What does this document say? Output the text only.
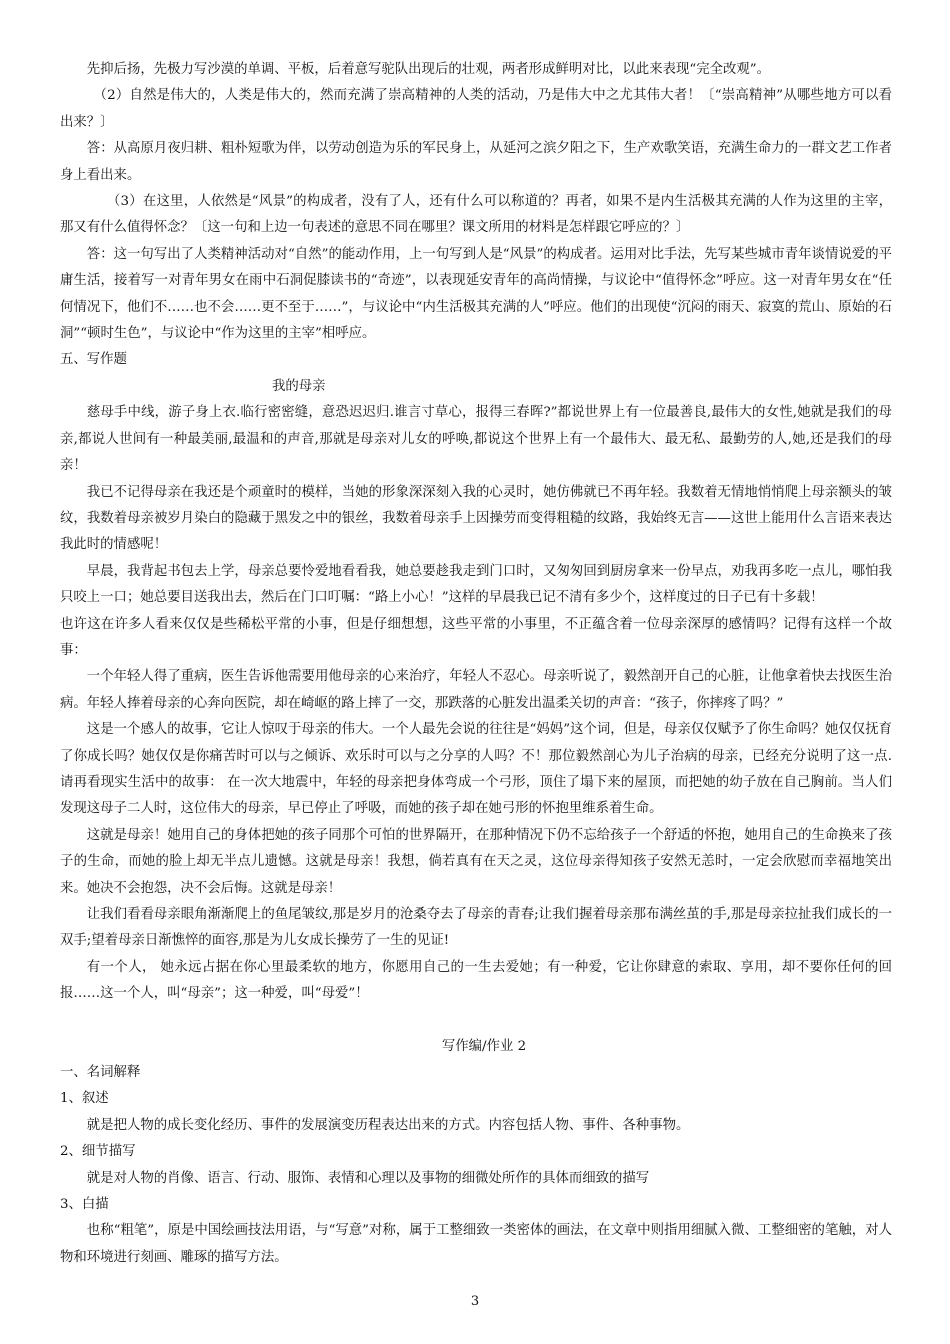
先抑后扬，先极力写沙漠的单调、平板，后着意写驼队出现后的壮观，两者形成鲜明对比，以此来表现“完全改观”。

（2）自然是伟大的，人类是伟大的，然而充满了崇高精神的人类的活动，乃是伟大中之尤其伟大者！〔“崇高精神”从哪些地方可以看出来？〕

答：从高原月夜归耕、粗朴短歌为伴，以劳动创造为乐的军民身上，从延河之滨夕阳之下，生产欢歌笑语，充满生命力的一群文艺工作者身上看出来。

（3）在这里，人依然是“风景”的构成者，没有了人，还有什么可以称道的？再者，如果不是内生活极其充满的人作为这里的主宰，那又有什么值得怀念？〔这一句和上边一句表述的意思不同在哪里？课文所用的材料是怎样跟它呼应的？〕

答：这一句写出了人类精神活动对“自然”的能动作用，上一句写到人是“风景”的构成者。运用对比手法，先写某些城市青年谈情说爱的平庸生活，接着写一对青年男女在雨中石洞促膝读书的“奇迹”，以表现延安青年的高尚情操，与议论中“值得怀念”呼应。这一对青年男女在“任何情况下，他们不……也不会……更不至于……”，与议论中“内生活极其充满的人”呼应。他们的出现使“沉闷的雨天、寂寞的荒山、原始的石洞”“顿时生色”，与议论中“作为这里的主宰”相呼应。

五、写作题

我的母亲

慈母手中线，游子身上衣.临行密密缝，意恐迟迟归.谁言寸草心，报得三春晖?”都说世界上有一位最善良,最伟大的女性,她就是我们的母亲,都说人世间有一种最美丽,最温和的声音,那就是母亲对儿女的呼唤,都说这个世界上有一个最伟大、最无私、最勤劳的人,她,还是我们的母亲！

我已不记得母亲在我还是个顽童时的模样，当她的形象深深刻入我的心灵时，她仿佛就已不再年轻。我数着无情地悄悄爬上母亲额头的皱纹，我数着母亲被岁月染白的隐藏于黑发之中的银丝，我数着母亲手上因操劳而变得粗糙的纹路，我始终无言——这世上能用什么言语来表达我此时的情感呢！

早晨，我背起书包去上学，母亲总要怜爱地看看我，她总要趁我走到门口时，又匆匆回到厨房拿来一份早点，劝我再多吃一点儿，哪怕我只咬上一口；她总要目送我出去，然后在门口叮嘱：“路上小心！”这样的早晨我已记不清有多少个，这样度过的日子已有十多载！

也许这在许多人看来仅仅是些稀松平常的小事，但是仔细想想，这些平常的小事里，不正蕴含着一位母亲深厚的感情吗？记得有这样一个故事：

一个年轻人得了重病，医生告诉他需要用他母亲的心来治疗，年轻人不忍心。母亲听说了，毅然剖开自己的心脏，让他拿着快去找医生治病。年轻人捧着母亲的心奔向医院，却在崎岖的路上摔了一交，那跌落的心脏发出温柔关切的声音：“孩子，你摔疼了吗？”

这是一个感人的故事，它让人惊叹于母亲的伟大。一个人最先会说的往往是“妈妈”这个词，但是，母亲仅仅赋予了你生命吗？她仅仅抚育了你成长吗？她仅仅是你痛苦时可以与之倾诉、欢乐时可以与之分享的人吗？不！那位毅然剖心为儿子治病的母亲，已经充分说明了这一点. 请再看现实生活中的故事： 在一次大地震中，年轻的母亲把身体弯成一个弓形，顶住了塌下来的屋顶，而把她的幼子放在自己胸前。当人们发现这母子二人时，这位伟大的母亲，早已停止了呼吸，而她的孩子却在她弓形的怀抱里维系着生命。

这就是母亲！她用自己的身体把她的孩子同那个可怕的世界隔开，在那种情况下仍不忘给孩子一个舒适的怀抱，她用自己的生命换来了孩子的生命，而她的脸上却无半点儿遗憾。这就是母亲！我想，倘若真有在天之灵，这位母亲得知孩子安然无恙时，一定会欣慰而幸福地笑出来。她决不会抱怨，决不会后悔。这就是母亲！

让我们看看母亲眼角渐渐爬上的鱼尾皱纹,那是岁月的沧桑夺去了母亲的青春;让我们握着母亲那布满丝茧的手,那是母亲拉扯我们成长的一双手;望着母亲日渐憔悴的面容,那是为儿女成长操劳了一生的见证!

有一个人， 她永远占据在你心里最柔软的地方，你愿用自己的一生去爱她；有一种爱，它让你肆意的索取、享用，却不要你任何的回报……这一个人，叫“母亲”；这一种爱，叫“母爱”！

写作编/作业 2

一、名词解释

1、叙述

就是把人物的成长变化经历、事件的发展演变历程表达出来的方式。内容包括人物、事件、各种事物。

2、细节描写

就是对人物的肖像、语言、行动、服饰、表情和心理以及事物的细微处所作的具体而细致的描写

3、白描

也称“粗笔”，原是中国绘画技法用语，与“写意”对称，属于工整细致一类密体的画法，在文章中则指用细腻入微、工整细密的笔触，对人物和环境进行刻画、雕琢的描写方法。

3
